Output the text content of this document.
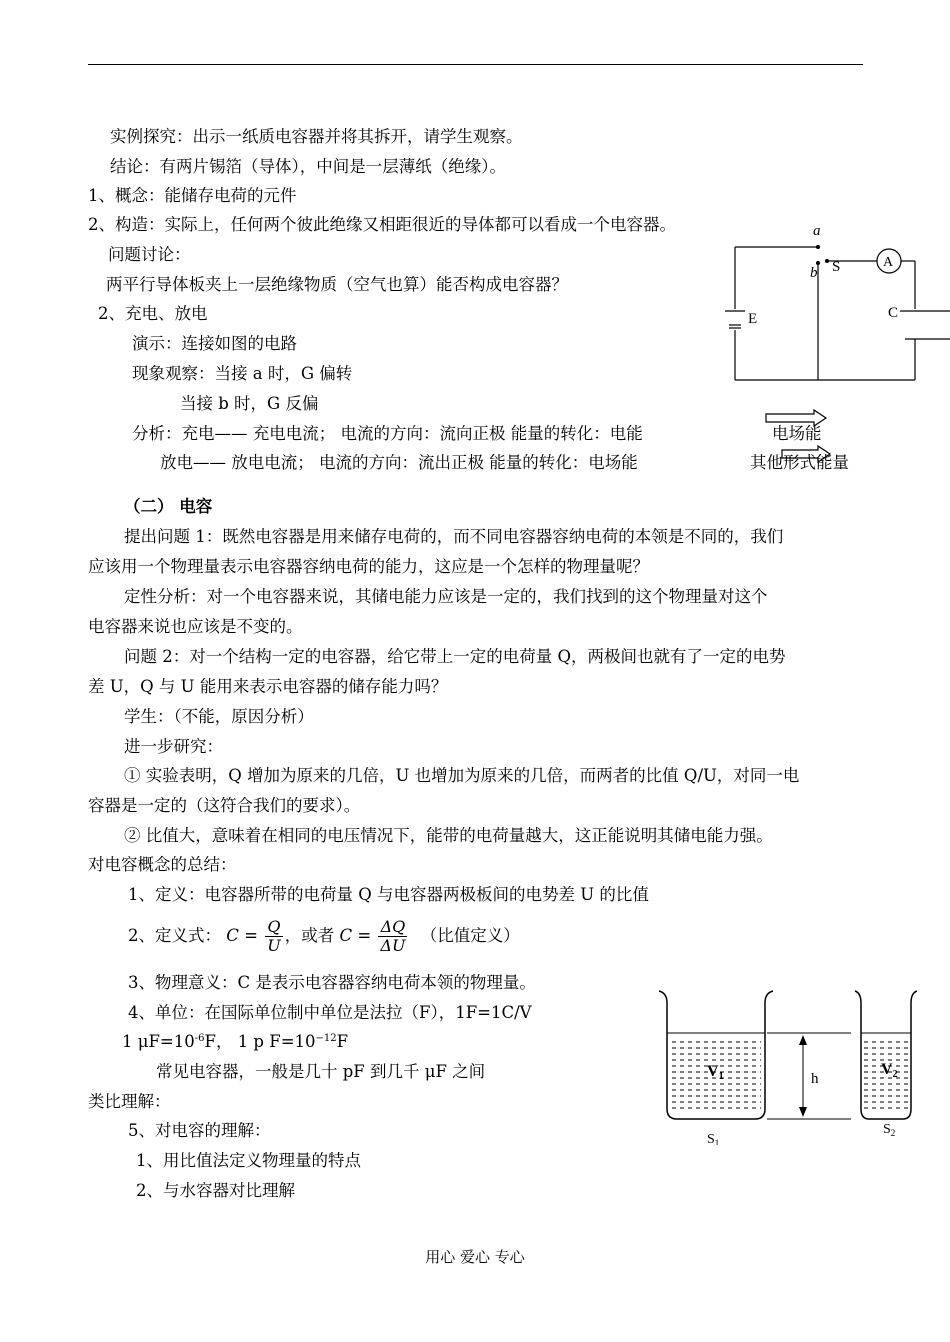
实例探究：出示一纸质电容器并将其拆开，请学生观察。
结论：有两片锡箔（导体），中间是一层薄纸（绝缘）。
1、概念：能储存电荷的元件
2、构造：实际上，任何两个彼此绝缘又相距很近的导体都可以看成一个电容器。
问题讨论：
两平行导体板夹上一层绝缘物质（空气也算）能否构成电容器？
2、充电、放电
演示：连接如图的电路
现象观察：当接 a 时，G 偏转
当接 b 时，G 反偏
分析：充电—— 充电电流； 电流的方向：流向正极 能量的转化：电能	电场能
放电—— 放电电流； 电流的方向：流出正极 能量的转化：电场能	其他形式能量
（二） 电容
提出问题 1：既然电容器是用来储存电荷的，而不同电容器容纳电荷的本领是不同的，我们
应该用一个物理量表示电容器容纳电荷的能力，这应是一个怎样的物理量呢？
定性分析：对一个电容器来说，其储电能力应该是一定的，我们找到的这个物理量对这个
电容器来说也应该是不变的。
问题 2：对一个结构一定的电容器，给它带上一定的电荷量 Q，两极间也就有了一定的电势
差 U，Q 与 U 能用来表示电容器的储存能力吗？
学生：（不能，原因分析）
进一步研究：
① 实验表明，Q 增加为原来的几倍，U 也增加为原来的几倍，而两者的比值 Q/U，对同一电
容器是一定的（这符合我们的要求）。
② 比值大，意味着在相同的电压情况下，能带的电荷量越大，这正能说明其储电能力强。
对电容概念的总结：
1、定义：电容器所带的电荷量 Q 与电容器两极板间的电势差 U 的比值
2、定义式： $C = \frac{Q}{U}$ ，或者 $C = \frac{\Delta Q}{\Delta U}$ （比值定义）
3、物理意义：C 是表示电容器容纳电荷本领的物理量。
4、单位：在国际单位制中单位是法拉（F），1F=1C/V
1 $\mu F=10^{-6}F$， 1 p $F=10^{-12}F$
常见电容器，一般是几十 pF 到几千 μF 之间
类比理解：
5、对电容的理解：
1、用比值法定义物理量的特点
2、与水容器对比理解
a
b S	A
E	C
h
V1	V2
$S_1$
$S_2$
用心 爱心 专心
